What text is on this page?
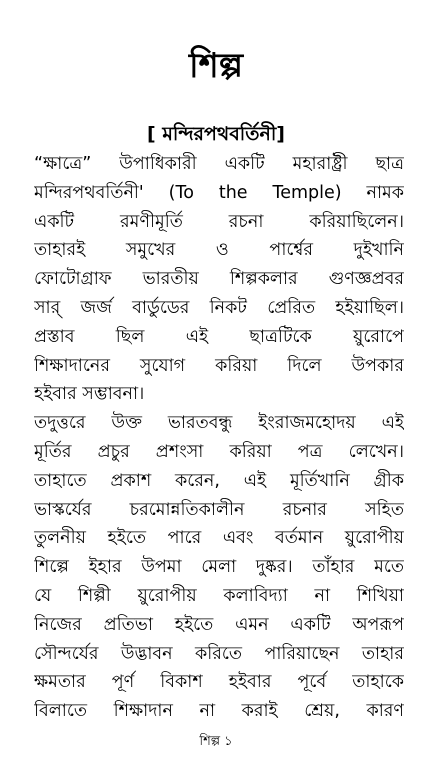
শিল্প
[ মন্দিরপথবর্তিনী]
“ক্ষাত্রে” উপাধিকারী একটি মহারাষ্ট্রী ছাত্র
মন্দিরপথবর্তিনী' (To the Temple) নামক
একটি রমণীমূর্তি রচনা করিয়াছিলেন।
তাহারই সমুখের ও পার্শ্বের দুইখানি
ফোটোগ্রাফ ভারতীয় শিল্পকলার গুণজ্ঞপ্রবর
সার্ জর্জ বার্ডুডের নিকট প্রেরিত হইয়াছিল।
প্রস্তাব ছিল এই ছাত্রটিকে য়ুরোপে
শিক্ষাদানের সুযোগ করিয়া দিলে উপকার
হইবার সম্ভাবনা।
তদুত্তরে উক্ত ভারতবন্ধু ইংরাজমহোদয় এই
মূর্তির প্রচুর প্রশংসা করিয়া পত্র লেখেন।
তাহাতে প্রকাশ করেন, এই মূর্তিখানি গ্রীক
ভাস্কর্যের চরমোন্নতিকালীন রচনার সহিত
তুলনীয় হইতে পারে এবং বর্তমান য়ুরোপীয়
শিল্পে ইহার উপমা মেলা দুষ্কর। তাঁহার মতে
যে শিল্পী য়ুরোপীয় কলাবিদ্যা না শিখিয়া
নিজের প্রতিভা হইতে এমন একটি অপরূপ
সৌন্দর্যের উদ্ভাবন করিতে পারিয়াছেন তাহার
ক্ষমতার পূর্ণ বিকাশ হইবার পূর্বে তাহাকে
বিলাতে শিক্ষাদান না করাই শ্রেয়, কারণ
শিল্প ১
